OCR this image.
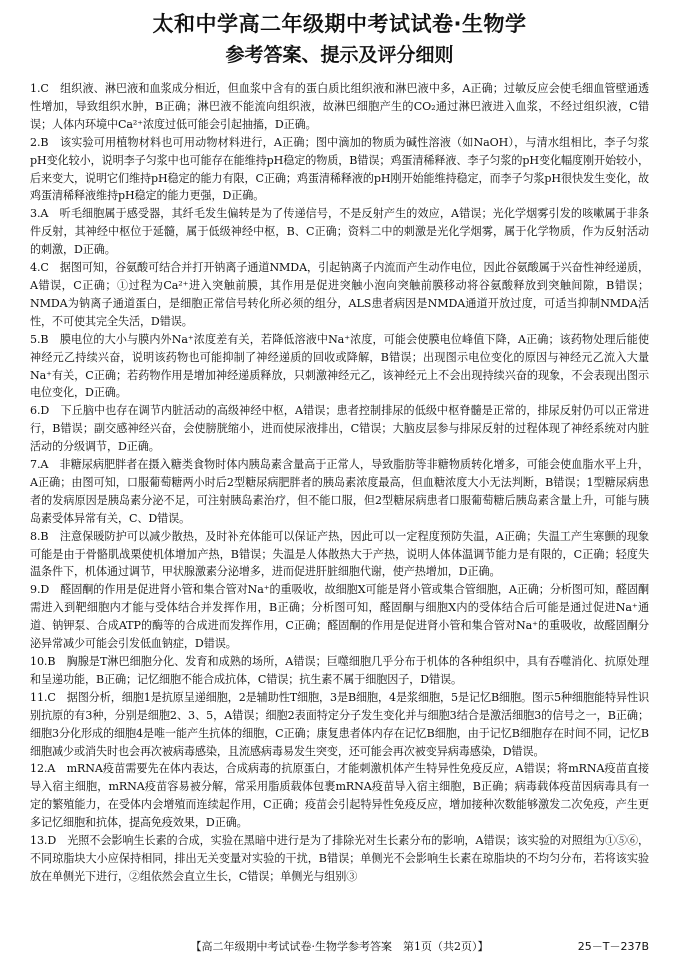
太和中学高二年级期中考试试卷·生物学
参考答案、提示及评分细则

1.C　组织液、淋巴液和血浆成分相近，但血浆中含有的蛋白质比组织液和淋巴液中多，A正确；过敏反应会使毛细血管壁通透性增加，导致组织水肿，B正确；淋巴液不能流向组织液，故淋巴细胞产生的CO₂通过淋巴液进入血浆，不经过组织液，C错误；人体内环境中Ca²⁺浓度过低可能会引起抽搐，D正确。

2.B　该实验可用植物材料也可用动物材料进行，A正确；图中滴加的物质为碱性溶液（如NaOH），与清水组相比，李子匀浆pH变化较小，说明李子匀浆中也可能存在能维持pH稳定的物质，B错误；鸡蛋清稀释液、李子匀浆的pH变化幅度刚开始较小，后来变大，说明它们维持pH稳定的能力有限，C正确；鸡蛋清稀释液的pH刚开始能维持稳定，而李子匀浆pH很快发生变化，故鸡蛋清稀释液维持pH稳定的能力更强，D正确。

3.A　听毛细胞属于感受器，其纤毛发生偏转是为了传递信号，不是反射产生的效应，A错误；光化学烟雾引发的咳嗽属于非条件反射，其神经中枢位于延髓，属于低级神经中枢，B、C正确；资料二中的刺激是光化学烟雾，属于化学物质，作为反射活动的刺激，D正确。

4.C　据图可知，谷氨酸可结合并打开钠离子通道NMDA，引起钠离子内流而产生动作电位，因此谷氨酸属于兴奋性神经递质，A错误，C正确；①过程为Ca²⁺进入突触前膜，其作用是促进突触小泡向突触前膜移动将谷氨酸释放到突触间隙，B错误；NMDA为钠离子通道蛋白，是细胞正常信号转化所必须的组分，ALS患者病因是NMDA通道开放过度，可适当抑制NMDA活性，不可使其完全失活，D错误。

5.B　膜电位的大小与膜内外Na⁺浓度差有关，若降低溶液中Na⁺浓度，可能会使膜电位峰值下降，A正确；该药物处理后能使神经元乙持续兴奋，说明该药物也可能抑制了神经递质的回收或降解，B错误；出现图示电位变化的原因与神经元乙流入大量Na⁺有关，C正确；若药物作用是增加神经递质释放，只刺激神经元乙，该神经元上不会出现持续兴奋的现象，不会表现出图示电位变化，D正确。

6.D　下丘脑中也存在调节内脏活动的高级神经中枢，A错误；患者控制排尿的低级中枢脊髓是正常的，排尿反射仍可以正常进行，B错误；副交感神经兴奋，会使膀胱缩小，进而使尿液排出，C错误；大脑皮层参与排尿反射的过程体现了神经系统对内脏活动的分级调节，D正确。

7.A　非糖尿病肥胖者在摄入糖类食物时体内胰岛素含量高于正常人，导致脂肪等非糖物质转化增多，可能会使血脂水平上升，A正确；由图可知，口服葡萄糖两小时后2型糖尿病肥胖者的胰岛素浓度最高，但血糖浓度大小无法判断，B错误；1型糖尿病患者的发病原因是胰岛素分泌不足，可注射胰岛素治疗，但不能口服，但2型糖尿病患者口服葡萄糖后胰岛素含量上升，可能与胰岛素受体异常有关，C、D错误。

8.B　注意保暖防护可以减少散热，及时补充体能可以保证产热，因此可以一定程度预防失温，A正确；失温工产生寒颤的现象可能是由于骨骼肌战栗使机体增加产热，B错误；失温是人体散热大于产热，说明人体体温调节能力是有限的，C正确；轻度失温条件下，机体通过调节，甲状腺激素分泌增多，进而促进肝脏细胞代谢，使产热增加，D正确。

9.D　醛固酮的作用是促进肾小管和集合管对Na⁺的重吸收，故细胞X可能是肾小管或集合管细胞，A正确；分析图可知，醛固酮需进入到靶细胞内才能与受体结合并发挥作用，B正确；分析图可知，醛固酮与细胞X内的受体结合后可能是通过促进Na⁺通道、钠钾泵、合成ATP的酶等的合成进而发挥作用，C正确；醛固酮的作用是促进肾小管和集合管对Na⁺的重吸收，故醛固酮分泌异常减少可能会引发低血钠症，D错误。

10.B　胸腺是T淋巴细胞分化、发育和成熟的场所，A错误；巨噬细胞几乎分布于机体的各种组织中，具有吞噬消化、抗原处理和呈递功能，B正确；记忆细胞不能合成抗体，C错误；抗生素不属于细胞因子，D错误。

11.C　据图分析，细胞1是抗原呈递细胞，2是辅助性T细胞，3是B细胞，4是浆细胞，5是记忆B细胞。图示5种细胞能特异性识别抗原的有3种，分别是细胞2、3、5，A错误；细胞2表面特定分子发生变化并与细胞3结合是激活细胞3的信号之一，B正确；细胞3分化形成的细胞4是唯一能产生抗体的细胞，C正确；康复患者体内存在记忆B细胞，由于记忆B细胞存在时间不同，记忆B细胞减少或消失时也会再次被病毒感染，且流感病毒易发生突变，还可能会再次被变异病毒感染，D错误。

12.A　mRNA疫苗需要先在体内表达，合成病毒的抗原蛋白，才能刺激机体产生特异性免疫反应，A错误；将mRNA疫苗直接导入宿主细胞，mRNA疫苗容易被分解，常采用脂质载体包裹mRNA疫苗导入宿主细胞，B正确；病毒载体疫苗因病毒具有一定的繁殖能力，在受体内会增殖而连续起作用，C正确；疫苗会引起特异性免疫反应，增加接种次数能够激发二次免疫，产生更多记忆细胞和抗体，提高免疫效果，D正确。

13.D　光照不会影响生长素的合成，实验在黑暗中进行是为了排除光对生长素分布的影响，A错误；该实验的对照组为①⑤⑥，不同琼脂块大小应保持相同，排出无关变量对实验的干扰，B错误；单侧光不会影响生长素在琼脂块的不均匀分布，若将该实验放在单侧光下进行，②组依然会直立生长，C错误；单侧光与组别③

【高二年级期中考试试卷·生物学参考答案　第1页（共2页）】	25－T－237B
